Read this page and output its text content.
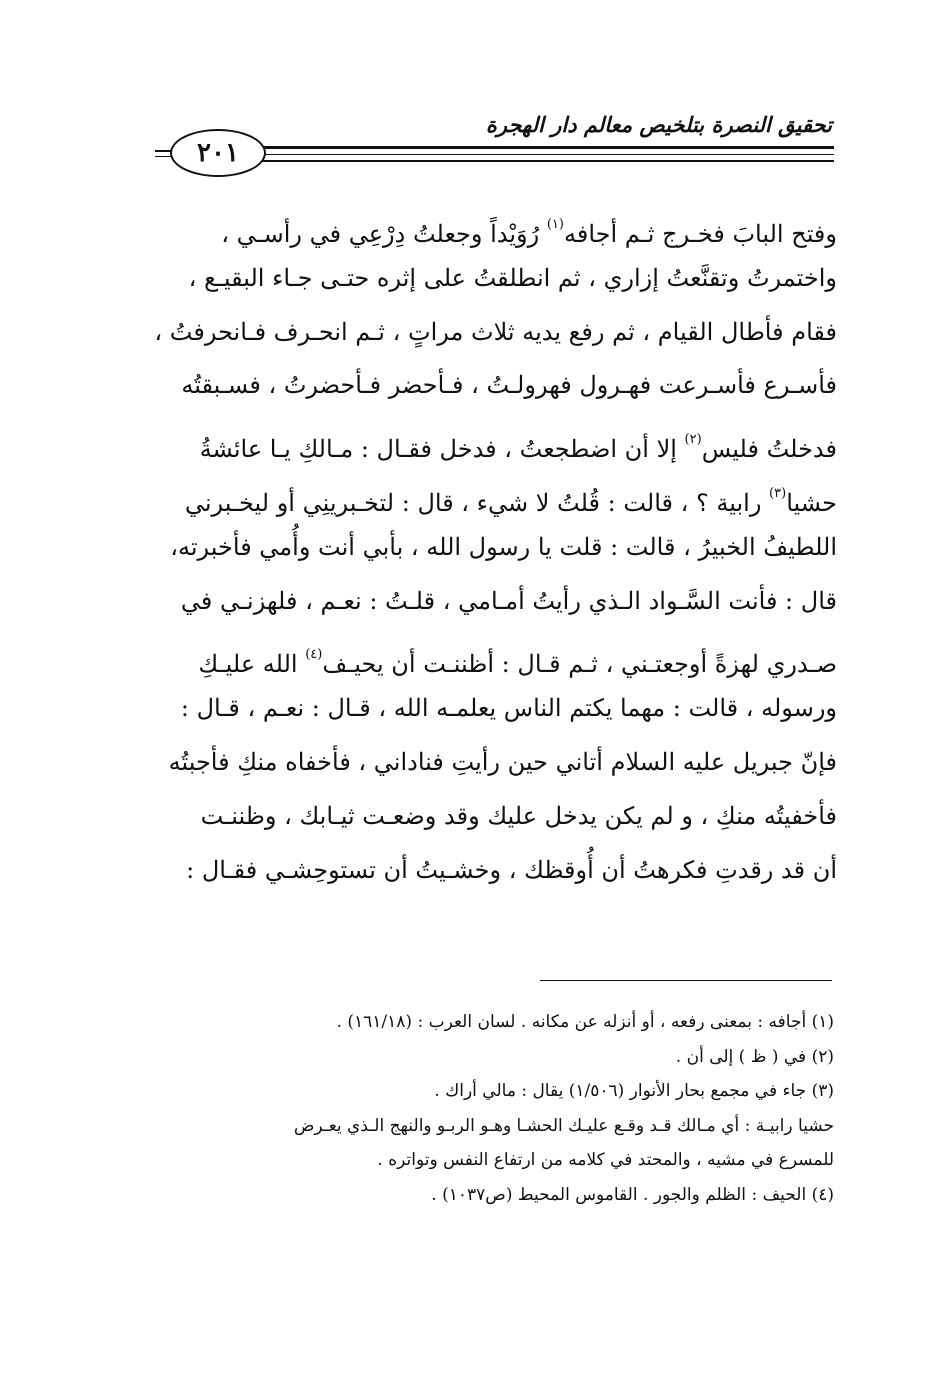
تحقيق النصرة بتلخيص معالم دار الهجرة
٢٠١
وفتح البابَ فخـرج ثـم أجافه$^{(١)}$ رُوَيْداً وجعلتُ دِرْعِي في رأسـي ،
واختمرتُ وتقنَّعتُ إزاري ، ثم انطلقتُ على إثره حتـى جـاء البقيـع ،
فقام فأطال القيام ، ثم رفع يديه ثلاث مراتٍ ، ثـم انحـرف فـانحرفتُ ،
فأسـرع فأسـرعت فهـرول فهرولـتُ ، فـأحضر فـأحضرتُ ، فسـبقتُه
فدخلتُ فليس$^{(٢)}$ إلا أن اضطجعتُ ، فدخل فقـال : مـالكِ يـا عائشةُ
حشيا$^{(٣)}$ رابية ؟ ، قالت : قُلتُ لا شيء ، قال : لتخـبرينِي أو ليخـبرني
اللطيفُ الخبيرُ ، قالت : قلت يا رسول الله ، بأبي أنت وأُمي فأخبرته،
قال : فأنت السَّـواد الـذي رأيتُ أمـامي ، قلـتُ : نعـم ، فلهزنـي في
صـدري لهزةً أوجعتـني ، ثـم قـال : أظننـت أن يحيـف$^{(٤)}$ الله عليـكِ
ورسوله ، قالت : مهما يكتم الناس يعلمـه الله ، قـال : نعـم ، قـال :
فإنّ جبريل عليه السلام أتاني حين رأيتِ فناداني ، فأخفاه منكِ فأجبتُه
فأخفيتُه منكِ ، و لم يكن يدخل عليك وقد وضعـت ثيـابك ، وظننـت
أن قد رقدتِ فكرهتُ أن أُوقظك ، وخشـيتُ أن تستوحِشـي فقـال :
(١) أجافه : بمعنى رفعه ، أو أنزله عن مكانه . لسان العرب : (١٦١/١٨) .
(٢) في ( ظ ) إلى أن .
(٣) جاء في مجمع بحار الأنوار (١/٥٠٦) يقال : مالي أراك .
حشيا رابيـة : أي مـالك قـد وقـع عليـك الحشـا وهـو الربـو والنهج الـذي يعـرض
للمسرع في مشيه ، والمحتد في كلامه من ارتفاع النفس وتواتره .
(٤) الحيف : الظلم والجور . القاموس المحيط (ص١٠٣٧) .
